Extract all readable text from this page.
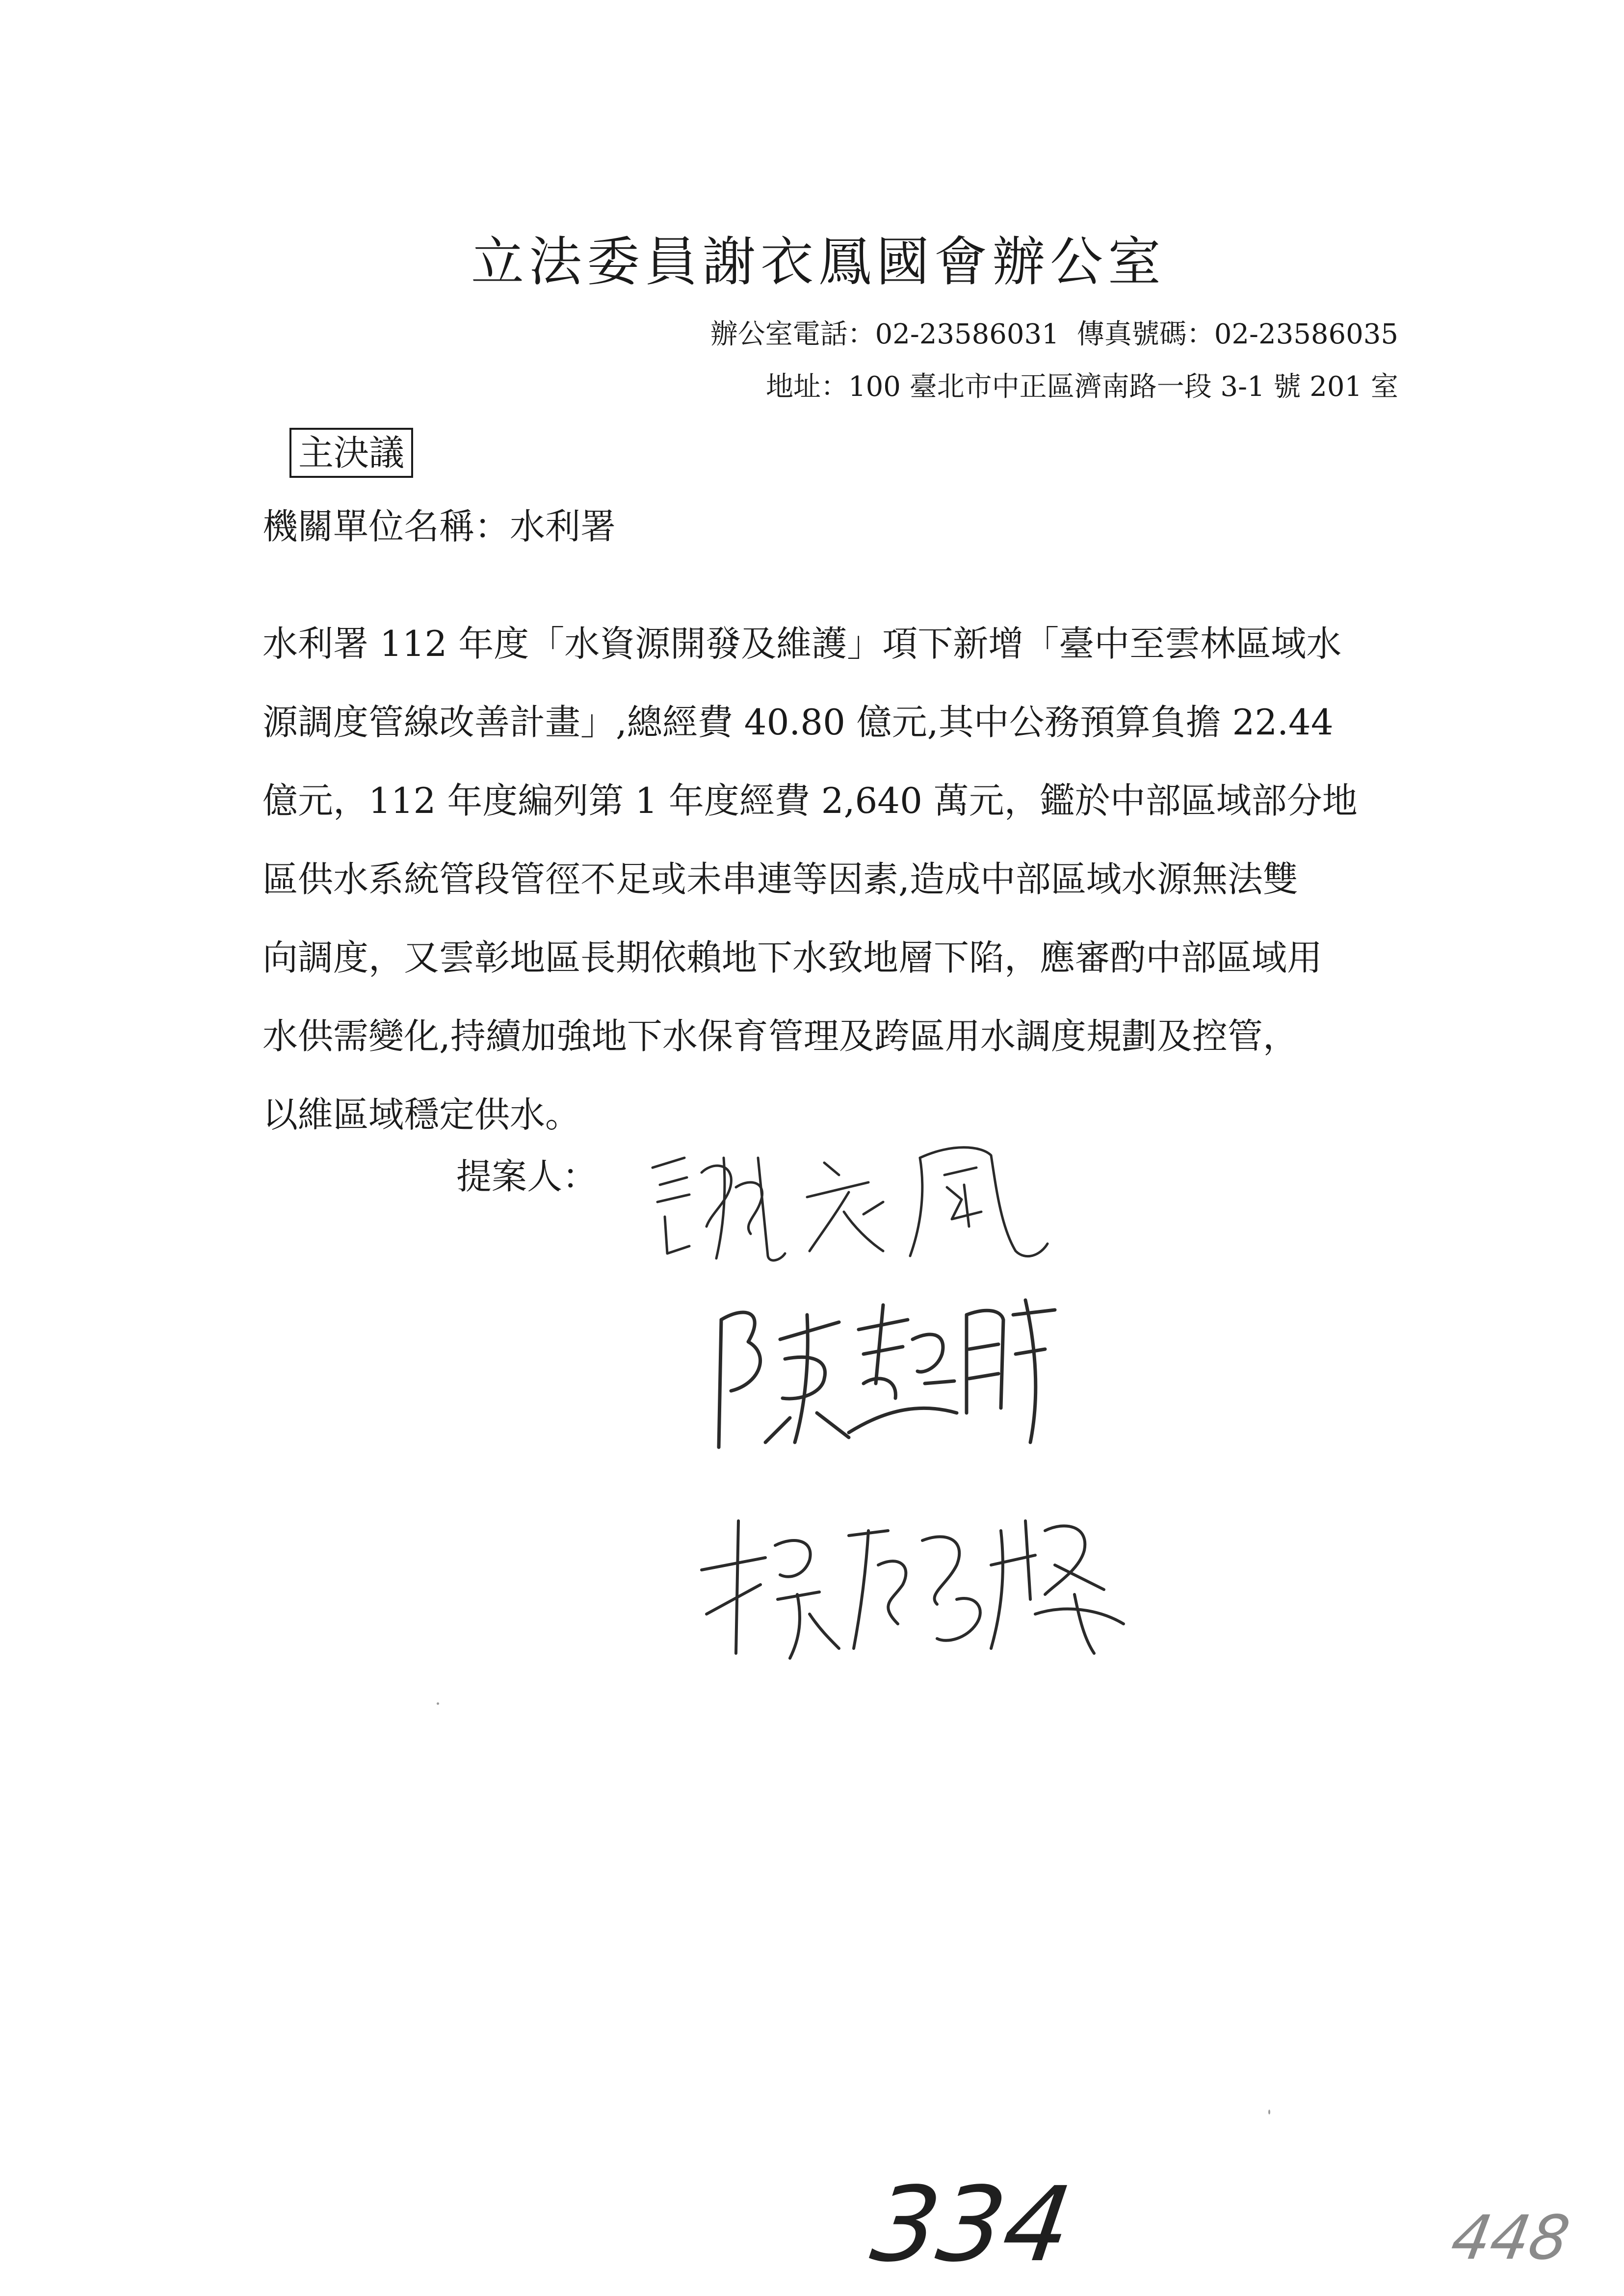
立法委員謝衣鳳國會辦公室
辦公室電話：02-23586031 傳真號碼：02-23586035
地址：100 臺北市中正區濟南路一段 3-1 號 201 室
主決議
機關單位名稱：水利署
水利署 112 年度「水資源開發及維護」項下新增「臺中至雲林區域水
源調度管線改善計畫」,總經費 40.80 億元,其中公務預算負擔 22.44
億元，112 年度編列第 1 年度經費 2,640 萬元，鑑於中部區域部分地
區供水系統管段管徑不足或未串連等因素,造成中部區域水源無法雙
向調度，又雲彰地區長期依賴地下水致地層下陷，應審酌中部區域用
水供需變化,持續加強地下水保育管理及跨區用水調度規劃及控管，
以維區域穩定供水。
提案人：
334	448
